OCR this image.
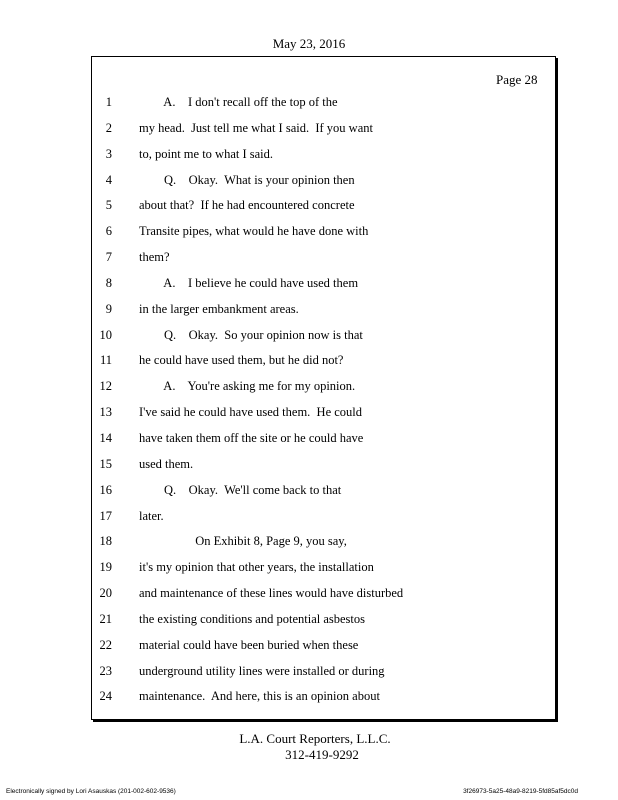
May 23, 2016
Page 28
1 A.    I don't recall off the top of the
2 my head.  Just tell me what I said.  If you want
3 to, point me to what I said.
4 Q.    Okay.  What is your opinion then
5 about that?  If he had encountered concrete
6 Transite pipes, what would he have done with
7 them?
8 A.    I believe he could have used them
9 in the larger embankment areas.
10 Q.    Okay.  So your opinion now is that
11 he could have used them, but he did not?
12 A.    You're asking me for my opinion.
13 I've said he could have used them.  He could
14 have taken them off the site or he could have
15 used them.
16 Q.    Okay.  We'll come back to that
17 later.
18 On Exhibit 8, Page 9, you say,
19 it's my opinion that other years, the installation
20 and maintenance of these lines would have disturbed
21 the existing conditions and potential asbestos
22 material could have been buried when these
23 underground utility lines were installed or during
24 maintenance.  And here, this is an opinion about
L.A. Court Reporters, L.L.C.
312-419-9292
Electronically signed by Lori Asauskas (201-002-602-9536)	3f26973-5a25-48a9-8219-5fd85af5dc0d
